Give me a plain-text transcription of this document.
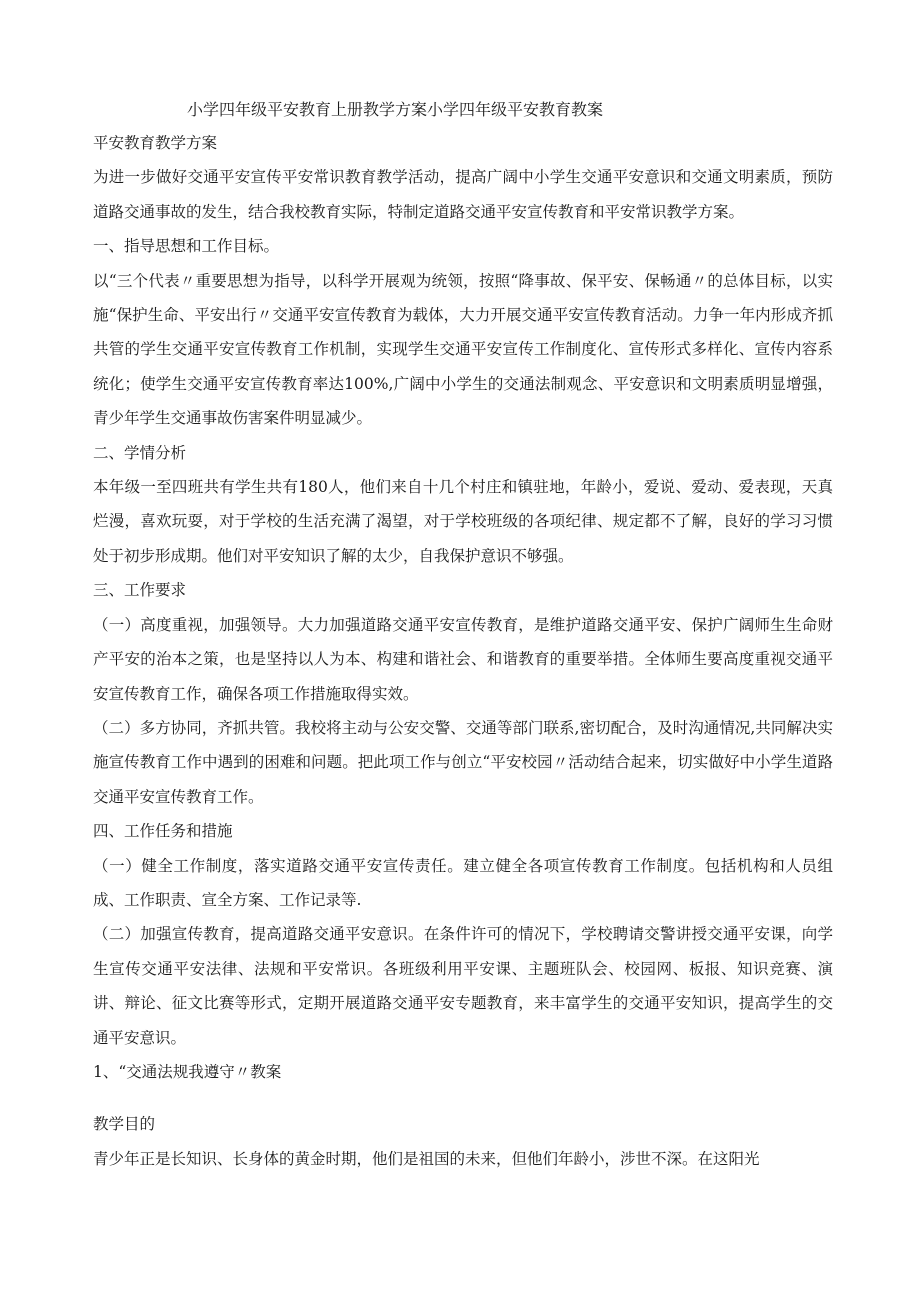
小学四年级平安教育上册教学方案小学四年级平安教育教案

平安教育教学方案

为进一步做好交通平安宣传平安常识教育教学活动，提高广阔中小学生交通平安意识和交通文明素质，预防道路交通事故的发生，结合我校教育实际，特制定道路交通平安宣传教育和平安常识教学方案。

一、指导思想和工作目标。

以“三个代表〃重要思想为指导，以科学开展观为统领，按照“降事故、保平安、保畅通〃的总体目标，以实施“保护生命、平安出行〃交通平安宣传教育为载体，大力开展交通平安宣传教育活动。力争一年内形成齐抓共管的学生交通平安宣传教育工作机制，实现学生交通平安宣传工作制度化、宣传形式多样化、宣传内容系统化；使学生交通平安宣传教育率达100%,广阔中小学生的交通法制观念、平安意识和文明素质明显增强，青少年学生交通事故伤害案件明显减少。

二、学情分析

本年级一至四班共有学生共有180人，他们来自十几个村庄和镇驻地，年龄小，爱说、爱动、爱表现，天真烂漫，喜欢玩耍，对于学校的生活充满了渴望，对于学校班级的各项纪律、规定都不了解，良好的学习习惯处于初步形成期。他们对平安知识了解的太少，自我保护意识不够强。

三、工作要求

（一）高度重视，加强领导。大力加强道路交通平安宣传教育，是维护道路交通平安、保护广阔师生生命财产平安的治本之策，也是坚持以人为本、构建和谐社会、和谐教育的重要举措。全体师生要高度重视交通平安宣传教育工作，确保各项工作措施取得实效。

（二）多方协同，齐抓共管。我校将主动与公安交警、交通等部门联系,密切配合，及时沟通情况,共同解决实施宣传教育工作中遇到的困难和问题。把此项工作与创立“平安校园〃活动结合起来，切实做好中小学生道路交通平安宣传教育工作。

四、工作任务和措施

（一）健全工作制度，落实道路交通平安宣传责任。建立健全各项宣传教育工作制度。包括机构和人员组成、工作职责、宣全方案、工作记录等.

（二）加强宣传教育，提高道路交通平安意识。在条件许可的情况下，学校聘请交警讲授交通平安课，向学生宣传交通平安法律、法规和平安常识。各班级利用平安课、主题班队会、校园网、板报、知识竞赛、演讲、辩论、征文比赛等形式，定期开展道路交通平安专题教育，来丰富学生的交通平安知识，提高学生的交通平安意识。

1、“交通法规我遵守〃教案

教学目的

青少年正是长知识、长身体的黄金时期，他们是祖国的未来，但他们年龄小，涉世不深。在这阳光
